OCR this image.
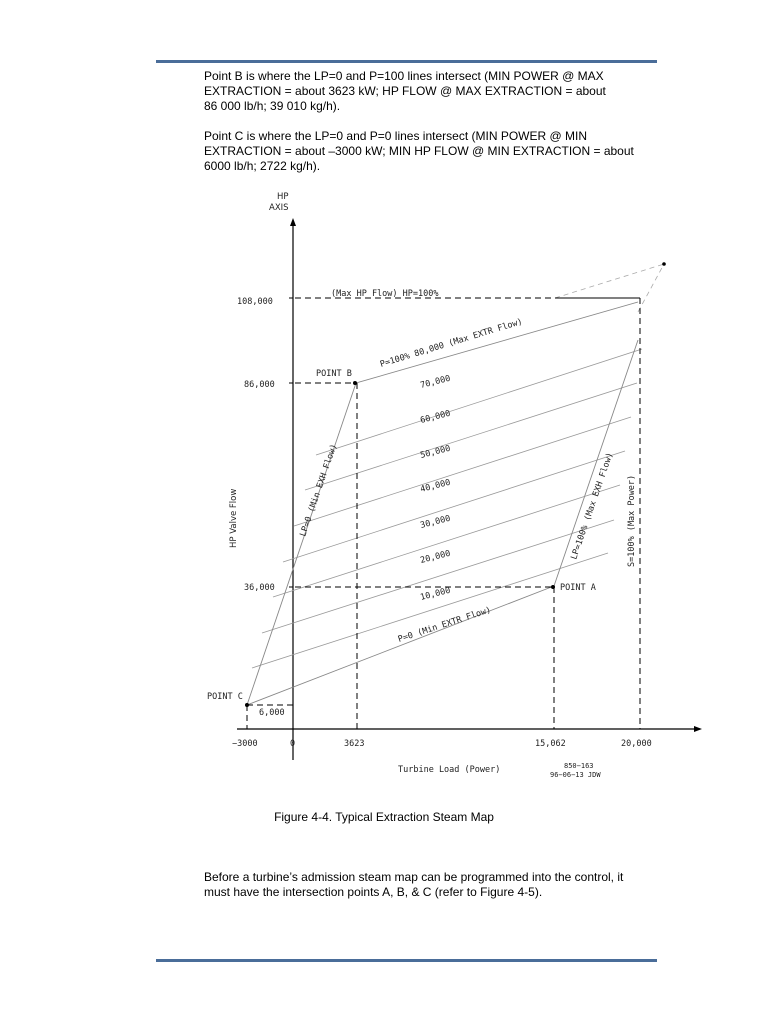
Point B is where the LP=0 and P=100 lines intersect (MIN POWER @ MAX
EXTRACTION = about 3623 kW; HP FLOW @ MAX EXTRACTION = about
86 000 lb/h; 39 010 kg/h).
Point C is where the LP=0 and P=0 lines intersect (MIN POWER @ MIN
EXTRACTION = about –3000 kW; MIN HP FLOW @ MIN EXTRACTION = about
6000 lb/h; 2722 kg/h).
HP
AXIS
HP Valve Flow
108,000
86,000
36,000
6,000
−3000	0	3623	15,062	20,000
POINT B
POINT A
POINT C
(Max HP Flow) HP=100%
P=100% 80,000 (Max EXTR Flow)
P=0 (Min EXTR Flow)
LP=0 (Min EXH Flow)	LP=100% (Max EXH Flow) S=100% (Max Power)
70,000
60,000
50,000
40,000
30,000
20,000
10,000
Turbine Load (Power)	850−163
96−06−13 JDW
Figure 4-4. Typical Extraction Steam Map
Before a turbine’s admission steam map can be programmed into the control, it
must have the intersection points A, B, & C (refer to Figure 4-5).
